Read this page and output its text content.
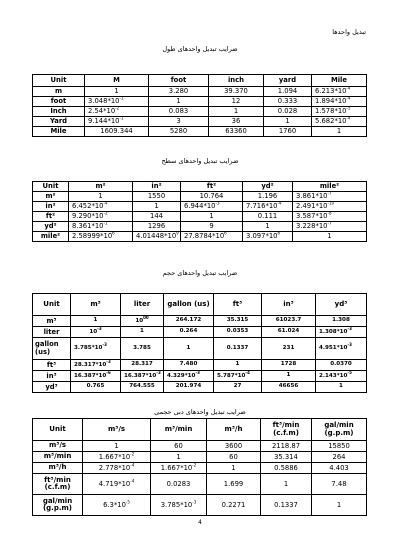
تبدیل واحدها
ضرایب تبدیل واحدهای طول
Unit	M	foot	inch	yard	Mile
m	1	3.280	39.370	1.094	$6.213*10^{-4}$
foot	$3.048*10^{-1}$	1	12	0.333	$1.894*10^{-4}$
Inch	$2.54*10^{-2}$	0.083	1	0.028	$1.578*10^{-5}$
Yard	$9.144*10^{-1}$	3	36	1	$5.682*10^{-4}$
Mile	1609.344	5280	63360	1760	1
ضرایب تبدیل واحدهای سطح
Unit	m²	in²	ft²	yd²	mile²
m²	1	1550	10.764	1.196	$3.861*10^{-7}$
in²	$6.452*10^{-4}$	1	$6.944*10^{-3}$	$7.716*10^{-4}$	$2.491*10^{-10}$
ft²	$9.290*10^{-2}$	144	1	0.111	$3.587*10^{-8}$
yd²	$8.361*10^{-1}$	1296	9	1	$3.228*10^{-7}$
mile²	$2.58999*10^6$	$4.01448*10^9$	$27.8784*10^6$	$3.097*10^6$	1
ضرایب تبدیل واحدهای حجم
Unit	m³	liter	gallon (us)	ft³	in³	yd³
m³	1	$10^{00}$	264.172	35.315	61023.7	1.308
liter	$10^{-3}$	1	0.264	0.0353	61.024	$1.308*10^{-3}$
gallon (us)	$3.785*10^{-3}$	3.785	1	0.1337	231	$4.951*10^{-3}$
ft³	$28.317*10^{-3}$	28.317	7.480	1	1728	0.0370
in³	$16.387*10^{-6}$	$16.387*10^{-3}$	$4.329*10^{-3}$	$5.787*10^{-4}$	1	$2.143*10^{-5}$
yd³	0.765	764.555	201.974	27	46656	1
ضرایب تبدیل واحدهای دبی حجمی
Unit	m³/s	m³/min	m³/h	ft³/min (c.f.m)	gal/min (g.p.m)
m³/s	1	60	3600	2118.87	15850
m³/min	$1.667*10^{-2}$	1	60	35.314	264
m³/h	$2.778*10^{-4}$	$1.667*10^{-2}$	1	0.5886	4.403
ft³/min (c.f.m)	$4.719*10^{-4}$	0.0283	1.699	1	7.48
gal/min (g.p.m)	$6.3*10^{-5}$	$3.785*10^{-3}$	0.2271	0.1337	1
4
